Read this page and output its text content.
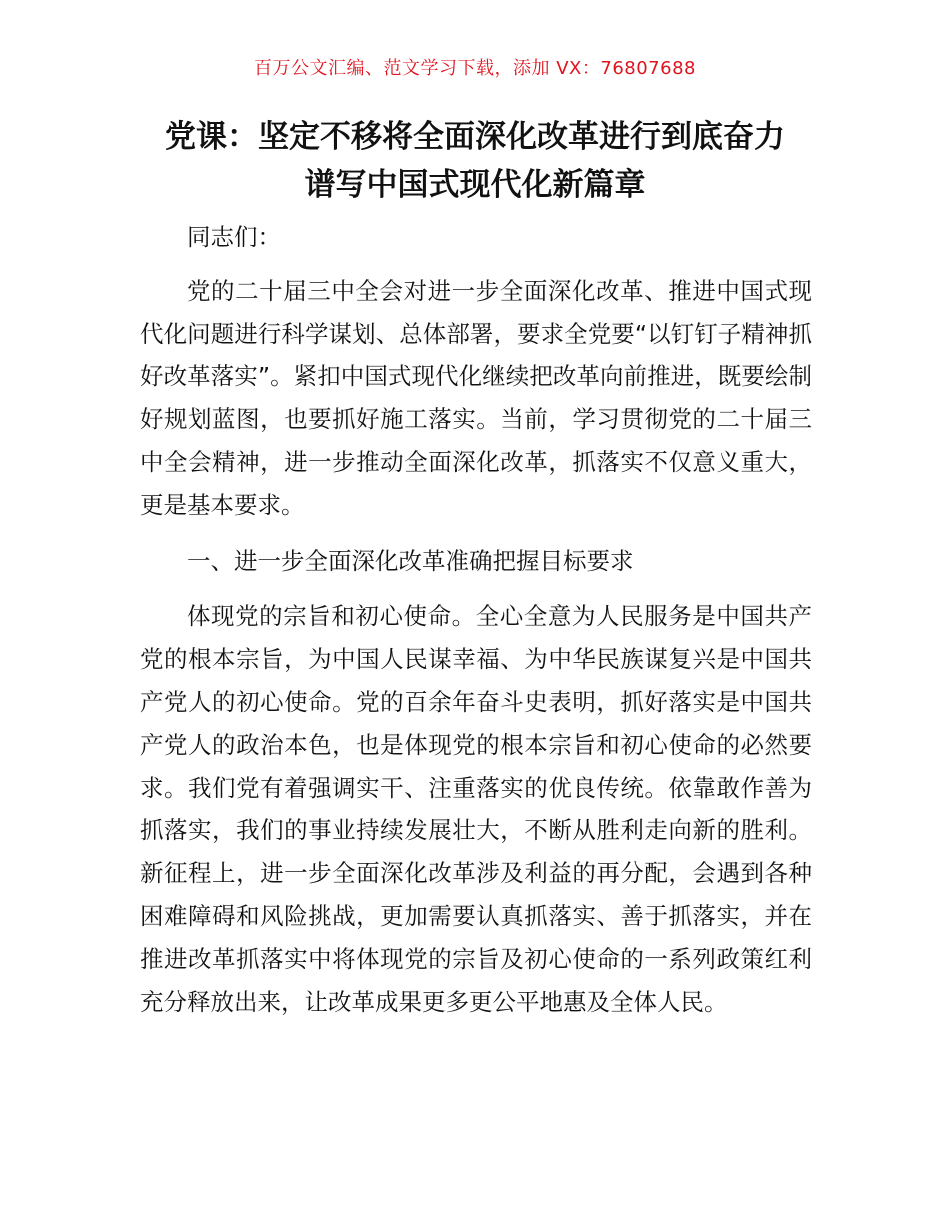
百万公文汇编、范文学习下载，添加 VX：76807688
党课：坚定不移将全面深化改革进行到底奋力
谱写中国式现代化新篇章

同志们：

党的二十届三中全会对进一步全面深化改革、推进中国式现代化问题进行科学谋划、总体部署，要求全党要“以钉钉子精神抓好改革落实”。紧扣中国式现代化继续把改革向前推进，既要绘制好规划蓝图，也要抓好施工落实。当前，学习贯彻党的二十届三中全会精神，进一步推动全面深化改革，抓落实不仅意义重大，更是基本要求。

一、进一步全面深化改革准确把握目标要求

体现党的宗旨和初心使命。全心全意为人民服务是中国共产党的根本宗旨，为中国人民谋幸福、为中华民族谋复兴是中国共产党人的初心使命。党的百余年奋斗史表明，抓好落实是中国共产党人的政治本色，也是体现党的根本宗旨和初心使命的必然要求。我们党有着强调实干、注重落实的优良传统。依靠敢作善为抓落实，我们的事业持续发展壮大，不断从胜利走向新的胜利。新征程上，进一步全面深化改革涉及利益的再分配，会遇到各种困难障碍和风险挑战，更加需要认真抓落实、善于抓落实，并在推进改革抓落实中将体现党的宗旨及初心使命的一系列政策红利充分释放出来，让改革成果更多更公平地惠及全体人民。
